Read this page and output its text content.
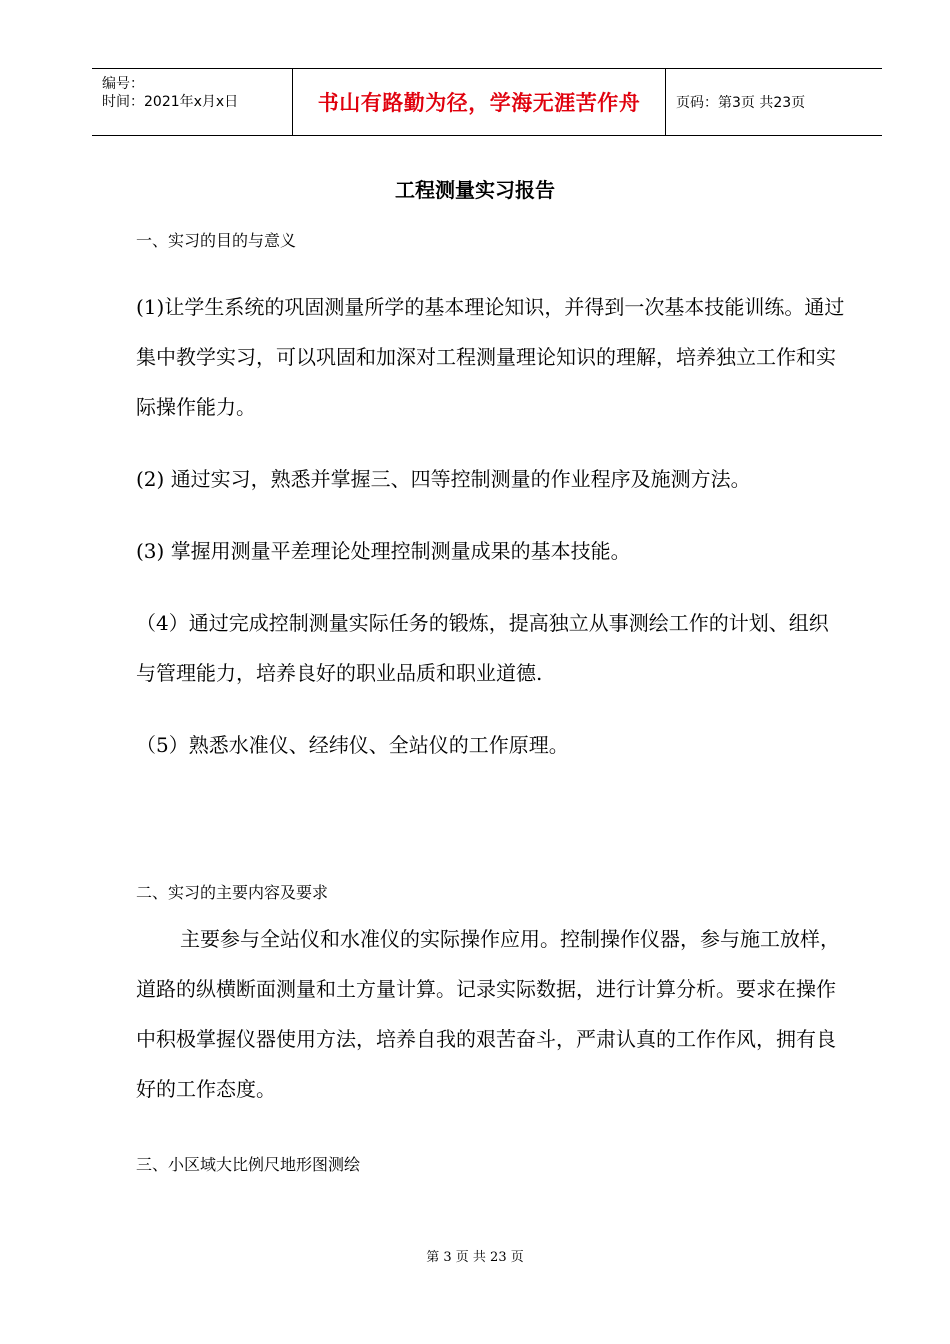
编号：
时间：2021年x月x日	书山有路勤为径，学海无涯苦作舟	页码：第3页 共23页
工程测量实习报告
一、实习的目的与意义
(1)让学生系统的巩固测量所学的基本理论知识，并得到一次基本技能训练。通过集中教学实习，可以巩固和加深对工程测量理论知识的理解，培养独立工作和实际操作能力。
(2) 通过实习，熟悉并掌握三、四等控制测量的作业程序及施测方法。
(3) 掌握用测量平差理论处理控制测量成果的基本技能。
（4）通过完成控制测量实际任务的锻炼，提高独立从事测绘工作的计划、组织与管理能力，培养良好的职业品质和职业道德.
（5）熟悉水准仪、经纬仪、全站仪的工作原理。
二、实习的主要内容及要求
主要参与全站仪和水准仪的实际操作应用。控制操作仪器，参与施工放样，道路的纵横断面测量和土方量计算。记录实际数据，进行计算分析。要求在操作中积极掌握仪器使用方法，培养自我的艰苦奋斗，严肃认真的工作作风，拥有良好的工作态度。
三、小区域大比例尺地形图测绘
第 3 页 共 23 页
